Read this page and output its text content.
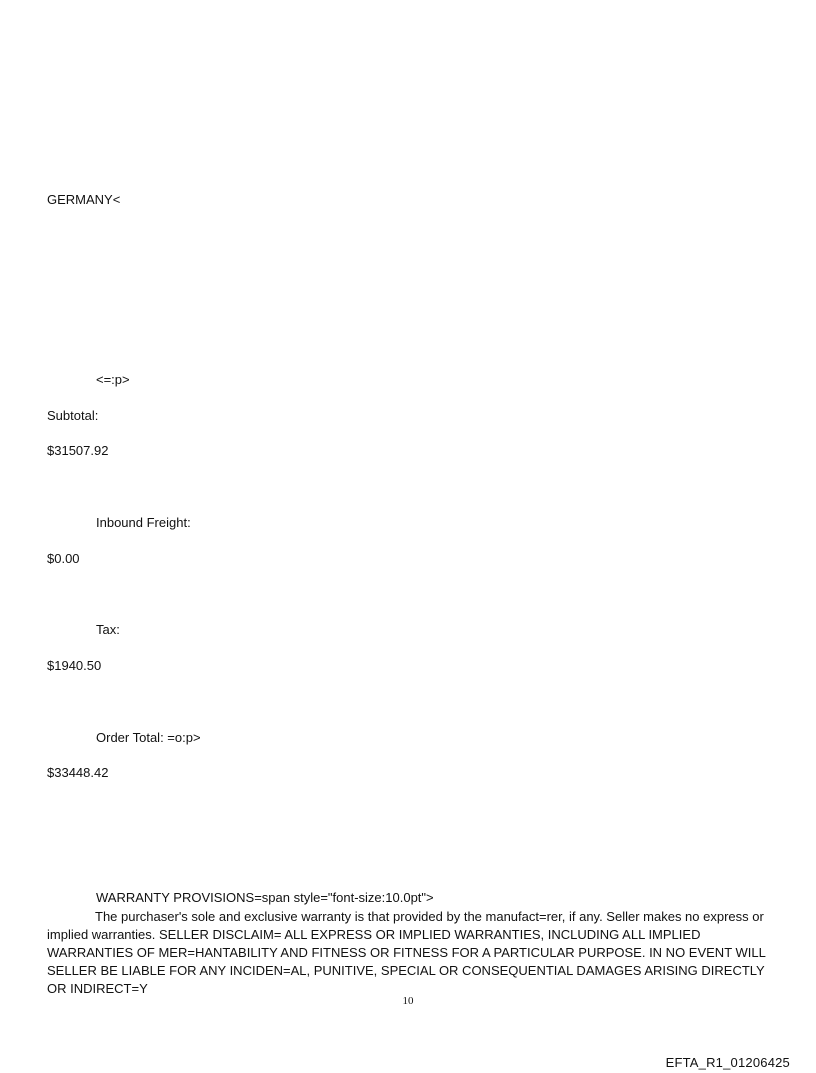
GERMANY<
<=:p>
Subtotal:
$31507.92
Inbound Freight:
$0.00
Tax:
$1940.50
Order Total: =o:p>
$33448.42
WARRANTY PROVISIONS=span style="font-size:10.0pt">
The purchaser's sole and exclusive warranty is that provided by the manufact=rer, if any. Seller makes no express or implied warranties. SELLER DISCLAIM= ALL EXPRESS OR IMPLIED WARRANTIES, INCLUDING ALL IMPLIED WARRANTIES OF MER=HANTABILITY AND FITNESS OR FITNESS FOR A PARTICULAR PURPOSE. IN NO EVENT WILL SELLER BE LIABLE FOR ANY INCIDEN=AL, PUNITIVE, SPECIAL OR CONSEQUENTIAL DAMAGES ARISING DIRECTLY OR INDIRECT=Y
10
EFTA_R1_01206425
